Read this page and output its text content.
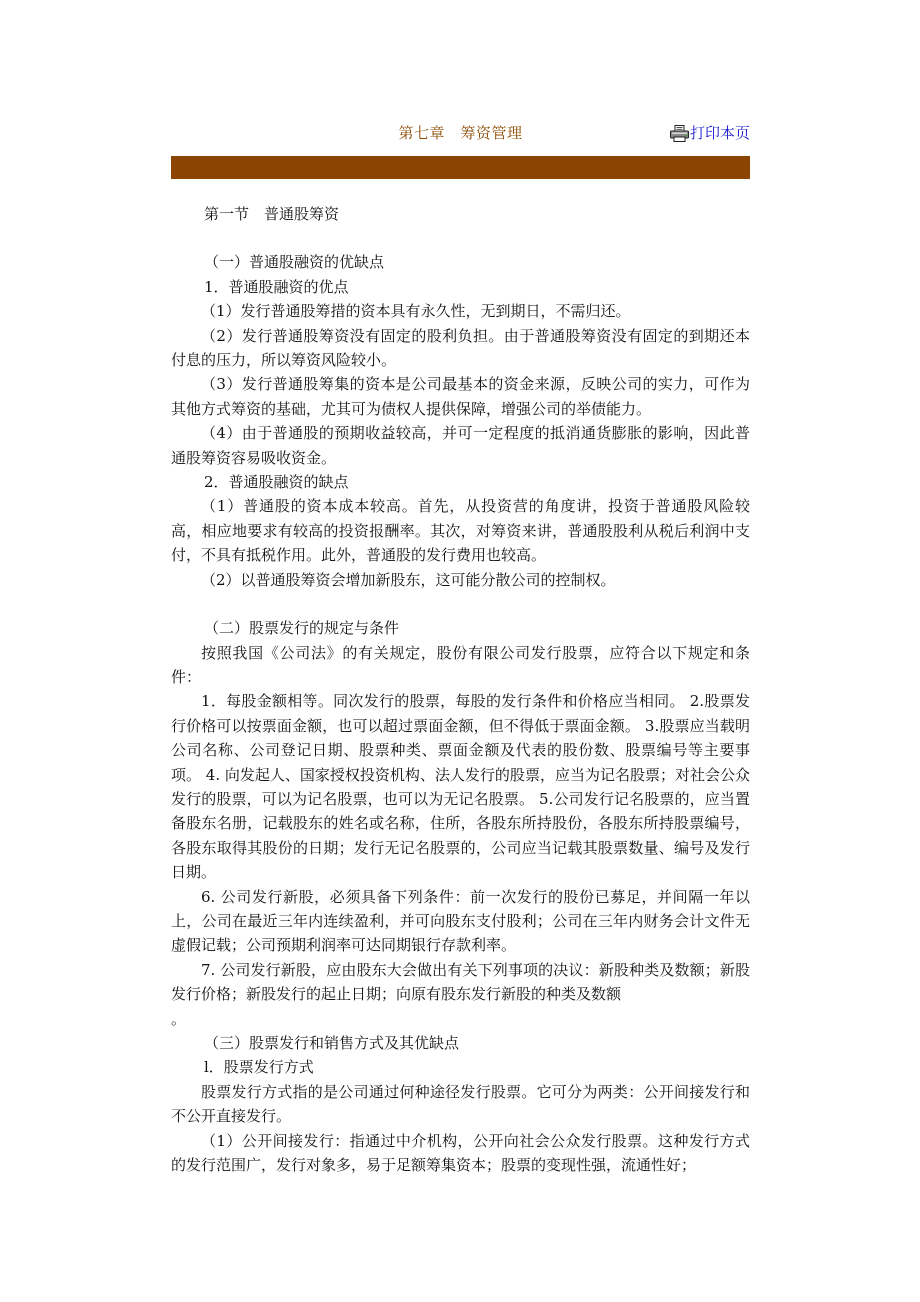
第七章　筹资管理	打印本页

第一节　普通股筹资

（一）普通股融资的优缺点

1．普通股融资的优点

（1）发行普通股筹措的资本具有永久性，无到期日，不需归还。

（2）发行普通股筹资没有固定的股利负担。由于普通股筹资没有固定的到期还本付息的压力，所以筹资风险较小。

（3）发行普通股筹集的资本是公司最基本的资金来源，反映公司的实力，可作为其他方式筹资的基础，尤其可为债权人提供保障，增强公司的举债能力。

（4）由于普通股的预期收益较高，并可一定程度的抵消通货膨胀的影响，因此普通股筹资容易吸收资金。

2．普通股融资的缺点

（1）普通股的资本成本较高。首先，从投资营的角度讲，投资于普通股风险较高，相应地要求有较高的投资报酬率。其次，对筹资来讲，普通股股利从税后利润中支付，不具有抵税作用。此外，普通股的发行费用也较高。

（2）以普通股筹资会增加新股东，这可能分散公司的控制权。

（二）股票发行的规定与条件

按照我国《公司法》的有关规定，股份有限公司发行股票，应符合以下规定和条件：

1．每股金额相等。同次发行的股票，每股的发行条件和价格应当相同。 2.股票发行价格可以按票面金额，也可以超过票面金额，但不得低于票面金额。 3.股票应当载明公司名称、公司登记日期、股票种类、票面金额及代表的股份数、股票编号等主要事项。 4. 向发起人、国家授权投资机构、法人发行的股票，应当为记名股票；对社会公众发行的股票，可以为记名股票，也可以为无记名股票。 5.公司发行记名股票的，应当置备股东名册，记载股东的姓名或名称，住所，各股东所持股份，各股东所持股票编号，各股东取得其股份的日期；发行无记名股票的，公司应当记载其股票数量、编号及发行日期。

6. 公司发行新股，必须具备下列条件：前一次发行的股份已募足，并间隔一年以上，公司在最近三年内连续盈利，并可向股东支付股利；公司在三年内财务会计文件无虚假记载；公司预期利润率可达同期银行存款利率。

7. 公司发行新股，应由股东大会做出有关下列事项的决议：新股种类及数额；新股发行价格；新股发行的起止日期；向原有股东发行新股的种类及数额

。

（三）股票发行和销售方式及其优缺点

l．股票发行方式

股票发行方式指的是公司通过何种途径发行股票。它可分为两类：公开间接发行和不公开直接发行。

（1）公开间接发行：指通过中介机构，公开向社会公众发行股票。这种发行方式的发行范围广，发行对象多，易于足额筹集资本；股票的变现性强，流通性好；
